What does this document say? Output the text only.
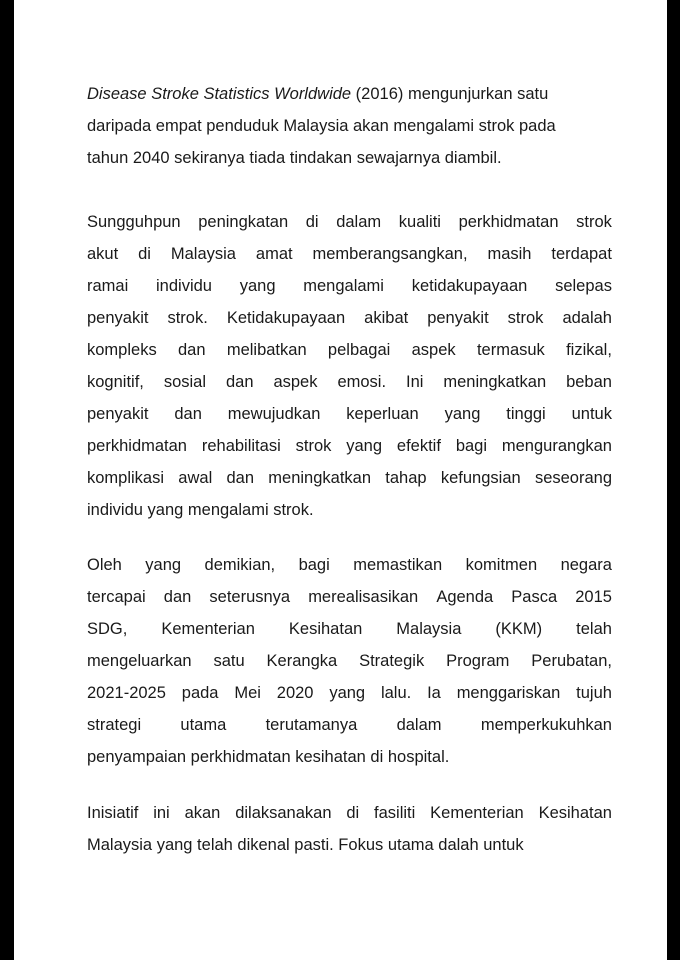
Disease Stroke Statistics Worldwide (2016) mengunjurkan satu
daripada empat penduduk Malaysia akan mengalami strok pada
tahun 2040 sekiranya tiada tindakan sewajarnya diambil.
Sungguhpun peningkatan di dalam kualiti perkhidmatan strok
akut di Malaysia amat memberangsangkan, masih terdapat
ramai individu yang mengalami ketidakupayaan selepas
penyakit strok. Ketidakupayaan akibat penyakit strok adalah
kompleks dan melibatkan pelbagai aspek termasuk fizikal,
kognitif, sosial dan aspek emosi. Ini meningkatkan beban
penyakit dan mewujudkan keperluan yang tinggi untuk
perkhidmatan rehabilitasi strok yang efektif bagi mengurangkan
komplikasi awal dan meningkatkan tahap kefungsian seseorang
individu yang mengalami strok.
Oleh yang demikian, bagi memastikan komitmen negara
tercapai dan seterusnya merealisasikan Agenda Pasca 2015
SDG, Kementerian Kesihatan Malaysia (KKM) telah
mengeluarkan satu Kerangka Strategik Program Perubatan,
2021-2025 pada Mei 2020 yang lalu. Ia menggariskan tujuh
strategi utama terutamanya dalam memperkukuhkan
penyampaian perkhidmatan kesihatan di hospital.
Inisiatif ini akan dilaksanakan di fasiliti Kementerian Kesihatan
Malaysia yang telah dikenal pasti. Fokus utama dalah untuk
